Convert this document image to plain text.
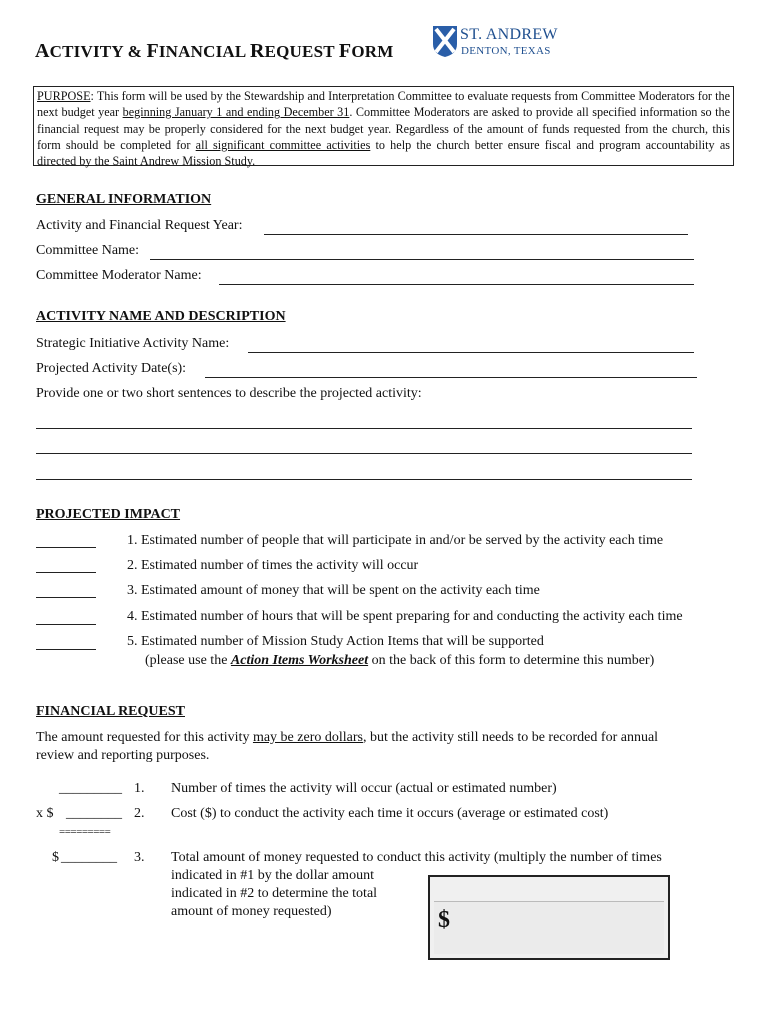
ACTIVITY & FINANCIAL REQUEST FORM
ST. ANDREW
DENTON, TEXAS
PURPOSE: This form will be used by the Stewardship and Interpretation Committee to evaluate requests from Committee Moderators for the next budget year beginning January 1 and ending December 31. Committee Moderators are asked to provide all specified information so the financial request may be properly considered for the next budget year. Regardless of the amount of funds requested from the church, this form should be completed for all significant committee activities to help the church better ensure fiscal and program accountability as directed by the Saint Andrew Mission Study.
GENERAL INFORMATION
Activity and Financial Request Year:
Committee Name:
Committee Moderator Name:
ACTIVITY NAME AND DESCRIPTION
Strategic Initiative Activity Name:
Projected Activity Date(s):
Provide one or two short sentences to describe the projected activity:
PROJECTED IMPACT
1. Estimated number of people that will participate in and/or be served by the activity each time
2. Estimated number of times the activity will occur
3. Estimated amount of money that will be spent on the activity each time
4. Estimated number of hours that will be spent preparing for and conducting the activity each time
5. Estimated number of Mission Study Action Items that will be supported
(please use the Action Items Worksheet on the back of this form to determine this number)
FINANCIAL REQUEST
The amount requested for this activity may be zero dollars, but the activity still needs to be recorded for annual
review and reporting purposes.
_________ 1. Number of times the activity will occur (actual or estimated number)
x $ ________ 2. Cost ($) to conduct the activity each time it occurs (average or estimated cost)
=========
$ ________ 3. Total amount of money requested to conduct this activity (multiply the number of times
indicated in #1 by the dollar amount
indicated in #2 to determine the total
amount of money requested)	$
